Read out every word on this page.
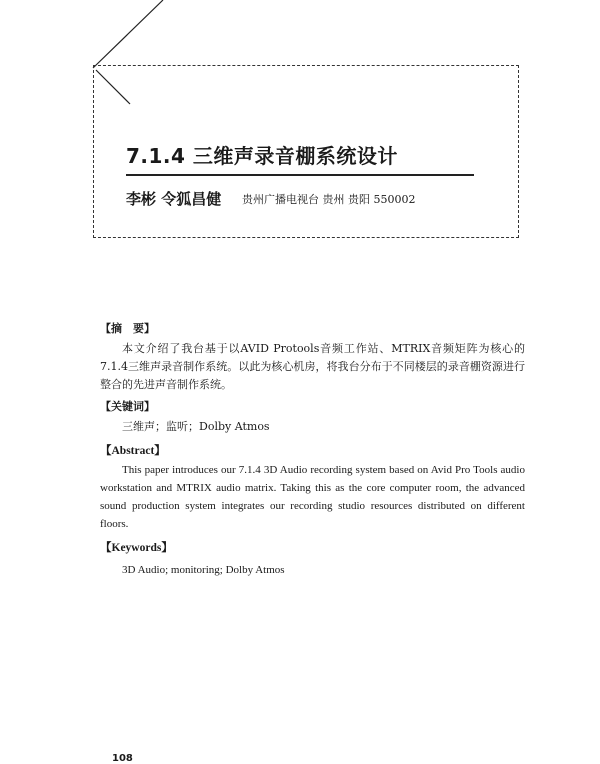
7.1.4 三维声录音棚系统设计
李彬 令狐昌健 贵州广播电视台 贵州 贵阳 550002

【摘　要】

本文介绍了我台基于以AVID Protools音频工作站、MTRIX音频矩阵为核心的7.1.4三维声录音制作系统。以此为核心机房，将我台分布于不同楼层的录音棚资源进行整合的先进声音制作系统。

【关键词】

三维声；监听；Dolby Atmos

【Abstract】

This paper introduces our 7.1.4 3D Audio recording system based on Avid Pro Tools audio workstation and MTRIX audio matrix. Taking this as the core computer room, the advanced sound production system integrates our recording studio resources distributed on different floors.

【Keywords】

3D Audio; monitoring; Dolby Atmos

108
